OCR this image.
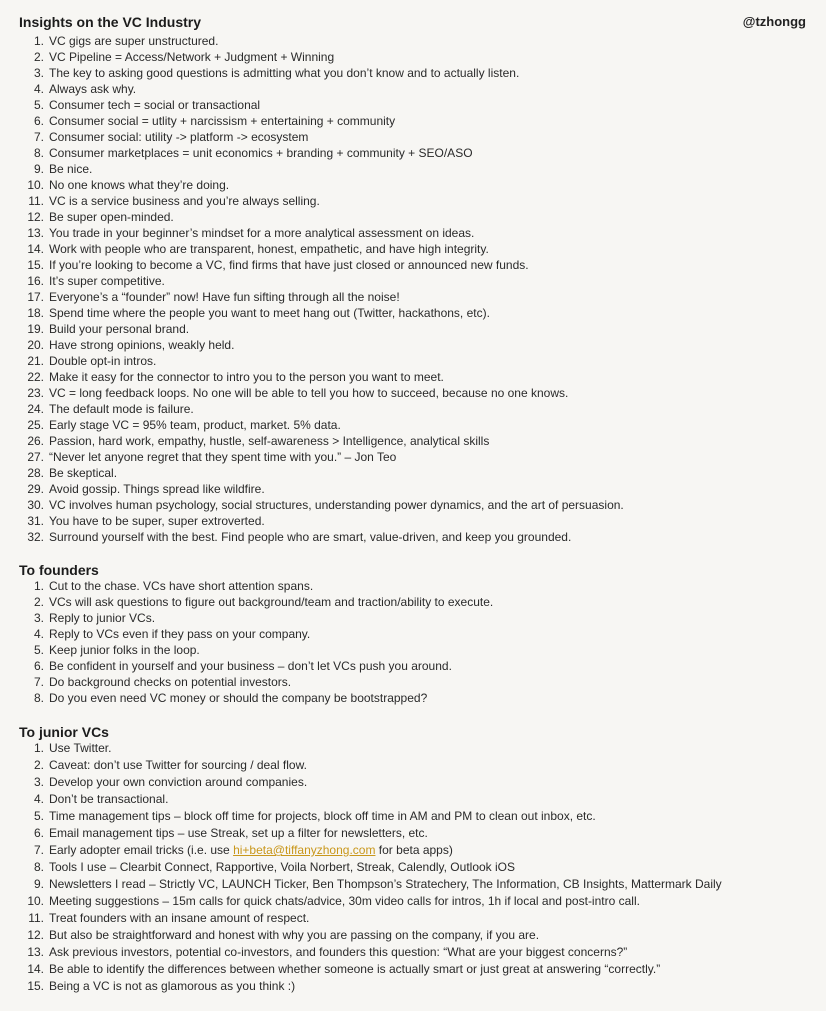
@tzhongg
Insights on the VC Industry
1. VC gigs are super unstructured.
2. VC Pipeline = Access/Network + Judgment + Winning
3. The key to asking good questions is admitting what you don’t know and to actually listen.
4. Always ask why.
5. Consumer tech = social or transactional
6. Consumer social = utlity + narcissism + entertaining + community
7. Consumer social: utility -> platform -> ecosystem
8. Consumer marketplaces = unit economics + branding + community + SEO/ASO
9. Be nice.
10. No one knows what they’re doing.
11. VC is a service business and you’re always selling.
12. Be super open-minded.
13. You trade in your beginner’s mindset for a more analytical assessment on ideas.
14. Work with people who are transparent, honest, empathetic, and have high integrity.
15. If you’re looking to become a VC, find firms that have just closed or announced new funds.
16. It’s super competitive.
17. Everyone’s a “founder” now! Have fun sifting through all the noise!
18. Spend time where the people you want to meet hang out (Twitter, hackathons, etc).
19. Build your personal brand.
20. Have strong opinions, weakly held.
21. Double opt-in intros.
22. Make it easy for the connector to intro you to the person you want to meet.
23. VC = long feedback loops. No one will be able to tell you how to succeed, because no one knows.
24. The default mode is failure.
25. Early stage VC = 95% team, product, market. 5% data.
26. Passion, hard work, empathy, hustle, self-awareness > Intelligence, analytical skills
27. “Never let anyone regret that they spent time with you.” – Jon Teo
28. Be skeptical.
29. Avoid gossip. Things spread like wildfire.
30. VC involves human psychology, social structures, understanding power dynamics, and the art of persuasion.
31. You have to be super, super extroverted.
32. Surround yourself with the best. Find people who are smart, value-driven, and keep you grounded.
To founders
1. Cut to the chase. VCs have short attention spans.
2. VCs will ask questions to figure out background/team and traction/ability to execute.
3. Reply to junior VCs.
4. Reply to VCs even if they pass on your company.
5. Keep junior folks in the loop.
6. Be confident in yourself and your business – don’t let VCs push you around.
7. Do background checks on potential investors.
8. Do you even need VC money or should the company be bootstrapped?
To junior VCs
1. Use Twitter.
2. Caveat: don’t use Twitter for sourcing / deal flow.
3. Develop your own conviction around companies.
4. Don’t be transactional.
5. Time management tips – block off time for projects, block off time in AM and PM to clean out inbox, etc.
6. Email management tips – use Streak, set up a filter for newsletters, etc.
7. Early adopter email tricks (i.e. use hi+beta@tiffanyzhong.com for beta apps)
8. Tools I use – Clearbit Connect, Rapportive, Voila Norbert, Streak, Calendly, Outlook iOS
9. Newsletters I read – Strictly VC, LAUNCH Ticker, Ben Thompson’s Stratechery, The Information, CB Insights, Mattermark Daily
10. Meeting suggestions – 15m calls for quick chats/advice, 30m video calls for intros, 1h if local and post-intro call.
11. Treat founders with an insane amount of respect.
12. But also be straightforward and honest with why you are passing on the company, if you are.
13. Ask previous investors, potential co-investors, and founders this question: “What are your biggest concerns?”
14. Be able to identify the differences between whether someone is actually smart or just great at answering “correctly.”
15. Being a VC is not as glamorous as you think :)
